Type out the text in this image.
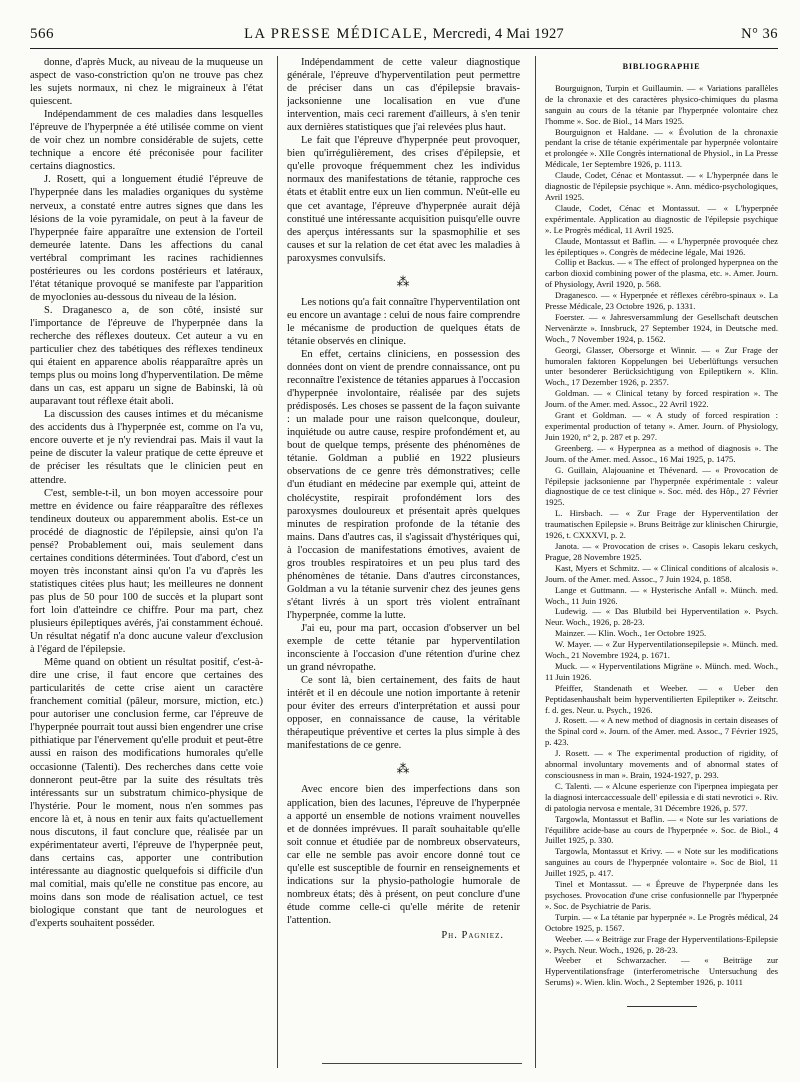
566	LA PRESSE MÉDICALE, Mercredi, 4 Mai 1927	N° 36

donne, d'après Muck, au niveau de la muqueuse un aspect de vaso-constriction qu'on ne trouve pas chez les sujets normaux, ni chez le migraineux à l'état quiescent.

Indépendamment de ces maladies dans lesquelles l'épreuve de l'hyperpnée a été utilisée comme on vient de voir chez un nombre considérable de sujets, cette technique a encore été préconisée pour faciliter certains diagnostics.

J. Rosett, qui a longuement étudié l'épreuve de l'hyperpnée dans les maladies organiques du système nerveux, a constaté entre autres signes que dans les lésions de la voie pyramidale, on peut à la faveur de l'hyperpnée faire apparaître une extension de l'orteil demeurée latente. Dans les affections du canal vertébral comprimant les racines rachidiennes postérieures ou les cordons postérieurs et latéraux, l'état tétanique provoqué se manifeste par l'apparition de myoclonies au-dessous du niveau de la lésion.

S. Draganesco a, de son côté, insisté sur l'importance de l'épreuve de l'hyperpnée dans la recherche des réflexes douteux. Cet auteur a vu en particulier chez des tabétiques des réflexes tendineux qui étaient en apparence abolis réapparaître après un temps plus ou moins long d'hyperventilation. De même dans un cas, est apparu un signe de Babinski, là où auparavant tout réflexe était aboli.

La discussion des causes intimes et du mécanisme des accidents dus à l'hyperpnée est, comme on l'a vu, encore ouverte et je n'y reviendrai pas. Mais il vaut la peine de discuter la valeur pratique de cette épreuve et de préciser les résultats que le clinicien peut en attendre.

C'est, semble-t-il, un bon moyen accessoire pour mettre en évidence ou faire réapparaître des réflexes tendineux douteux ou apparemment abolis. Est-ce un procédé de diagnostic de l'épilepsie, ainsi qu'on l'a pensé? Probablement oui, mais seulement dans certaines conditions déterminées. Tout d'abord, c'est un moyen très inconstant ainsi qu'on l'a vu d'après les statistiques citées plus haut; les meilleures ne donnent pas plus de 50 pour 100 de succès et la plupart sont fort loin d'atteindre ce chiffre. Pour ma part, chez plusieurs épileptiques avérés, j'ai constamment échoué. Un résultat négatif n'a donc aucune valeur d'exclusion à l'égard de l'épilepsie.

Même quand on obtient un résultat positif, c'est-à-dire une crise, il faut encore que certaines des particularités de cette crise aient un caractère franchement comitial (pâleur, morsure, miction, etc.) pour autoriser une conclusion ferme, car l'épreuve de l'hyperpnée pourrait tout aussi bien engendrer une crise pithiatique par l'énervement qu'elle produit et peut-être aussi en raison des modifications humorales qu'elle occasionne (Talenti). Des recherches dans cette voie donneront peut-être par la suite des résultats très intéressants sur un substratum chimico-physique de l'hystérie. Pour le moment, nous n'en sommes pas encore là et, à nous en tenir aux faits qu'actuellement nous discutons, il faut conclure que, réalisée par un expérimentateur averti, l'épreuve de l'hyperpnée peut, dans certains cas, apporter une contribution intéressante au diagnostic quelquefois si difficile d'un mal comitial, mais qu'elle ne constitue pas encore, au moins dans son mode de réalisation actuel, ce test biologique constant que tant de neurologues et d'experts souhaitent posséder.

Indépendamment de cette valeur diagnostique générale, l'épreuve d'hyperventilation peut permettre de préciser dans un cas d'épilepsie bravais-jacksonienne une localisation en vue d'une intervention, mais ceci rarement d'ailleurs, à s'en tenir aux dernières statistiques que j'ai relevées plus haut.

Le fait que l'épreuve d'hyperpnée peut provoquer, bien qu'irrégulièrement, des crises d'épilepsie, et qu'elle provoque fréquemment chez les individus normaux des manifestations de tétanie, rapproche ces états et établit entre eux un lien commun. N'eût-elle eu que cet avantage, l'épreuve d'hyperpnée aurait déjà constitué une intéressante acquisition puisqu'elle ouvre des aperçus intéressants sur la spasmophilie et ses causes et sur la relation de cet état avec les maladies à paroxysmes convulsifs.

⁂

Les notions qu'a fait connaître l'hyperventilation ont eu encore un avantage : celui de nous faire comprendre le mécanisme de production de quelques états de tétanie observés en clinique.

En effet, certains cliniciens, en possession des données dont on vient de prendre connaissance, ont pu reconnaître l'existence de tétanies apparues à l'occasion d'hyperpnée involontaire, réalisée par des sujets prédisposés. Les choses se passent de la façon suivante : un malade pour une raison quelconque, douleur, inquiétude ou autre cause, respire profondément et, au bout de quelque temps, présente des phénomènes de tétanie. Goldman a publié en 1922 plusieurs observations de ce genre très démonstratives; celle d'un étudiant en médecine par exemple qui, atteint de cholécystite, respirait profondément lors des paroxysmes douloureux et présentait après quelques minutes de respiration profonde de la tétanie des mains. Dans d'autres cas, il s'agissait d'hystériques qui, à l'occasion de manifestations émotives, avaient de gros troubles respiratoires et un peu plus tard des phénomènes de tétanie. Dans d'autres circonstances, Goldman a vu la tétanie survenir chez des jeunes gens s'étant livrés à un sport très violent entraînant l'hyperpnée, comme la lutte.

J'ai eu, pour ma part, occasion d'observer un bel exemple de cette tétanie par hyperventilation inconsciente à l'occasion d'une rétention d'urine chez un grand névropathe.

Ce sont là, bien certainement, des faits de haut intérêt et il en découle une notion importante à retenir pour éviter des erreurs d'interprétation et aussi pour opposer, en connaissance de cause, la véritable thérapeutique préventive et certes la plus simple à des manifestations de ce genre.

⁂

Avec encore bien des imperfections dans son application, bien des lacunes, l'épreuve de l'hyperpnée a apporté un ensemble de notions vraiment nouvelles et de données imprévues. Il paraît souhaitable qu'elle soit connue et étudiée par de nombreux observateurs, car elle ne semble pas avoir encore donné tout ce qu'elle est susceptible de fournir en renseignements et indications sur la physio-pathologie humorale de nombreux états; dès à présent, on peut conclure d'une étude comme celle-ci qu'elle mérite de retenir l'attention.

Ph. Pagniez.
BIBLIOGRAPHIE

Bourguignon, Turpin et Guillaumin. — « Variations parallèles de la chronaxie et des caractères physico-chimiques du plasma sanguin au cours de la tétanie par l'hyperpnée volontaire chez l'homme ». Soc. de Biol., 14 Mars 1925.

Bourguignon et Haldane. — « Évolution de la chronaxie pendant la crise de tétanie expérimentale par hyperpnée volontaire et prolongée ». XIIe Congrès international de Physiol., in La Presse Médicale, 1er Septembre 1926, p. 1113.

Claude, Codet, Cénac et Montassut. — « L'hyperpnée dans le diagnostic de l'épilepsie psychique ». Ann. médico-psychologiques, Avril 1925.

Claude, Codet, Cénac et Montassut. — « L'hyperpnée expérimentale. Application au diagnostic de l'épilepsie psychique ». Le Progrès médical, 11 Avril 1925.

Claude, Montassut et Baflin. — « L'hyperpnée provoquée chez les épileptiques ». Congrès de médecine légale, Mai 1926.

Collip et Backus. — « The effect of prolonged hyperpnea on the carbon dioxid combining power of the plasma, etc. ». Amer. Journ. of Physiology, Avril 1920, p. 568.

Draganesco. — « Hyperpnée et réflexes cérébro-spinaux ». La Presse Médicale, 23 Octobre 1926, p. 1331.

Foerster. — « Jahresversammlung der Gesellschaft deutschen Nervenärzte ». Innsbruck, 27 September 1924, in Deutsche med. Woch., 7 November 1924, p. 1562.

Georgi, Glasser, Obersorge et Winnir. — « Zur Frage der humoralen faktoren Koppelungen bei Ueberlüftungs versuchen unter besonderer Berücksichtigung von Epileptikern ». Klin. Woch., 17 Dezember 1926, p. 2357.

Goldman. — « Clinical tetany by forced respiration ». The Journ. of the Amer. med. Assoc., 22 Avril 1922.

Grant et Goldman. — « A study of forced respiration : experimental production of tetany ». Amer. Journ. of Physiology, Juin 1920, n° 2, p. 287 et p. 297.

Greenberg. — « Hyperpnea as a method of diagnosis ». The Journ. of the Amer. med. Assoc., 16 Mai 1925, p. 1475.

G. Guillain, Alajouanine et Thévenard. — « Provocation de l'épilepsie jacksonienne par l'hyperpnée expérimentale : valeur diagnostique de ce test clinique ». Soc. méd. des Hôp., 27 Février 1925.

L. Hirsbach. — « Zur Frage der Hyperventilation der traumatischen Epilepsie ». Bruns Beiträge zur klinischen Chirurgie, 1926, t. CXXXVI, p. 2.

Janota. — « Provocation de crises ». Casopis lekaru ceskych, Prague, 28 Novembre 1925.

Kast, Myers et Schmitz. — « Clinical conditions of alcalosis ». Journ. of the Amer. med. Assoc., 7 Juin 1924, p. 1858.

Lange et Guttmann. — « Hysterische Anfall ». Münch. med. Woch., 11 Juin 1926.

Ludewig. — « Das Blutbild bei Hyperventilation ». Psych. Neur. Woch., 1926, p. 28-23.

Mainzer. — Klin. Woch., 1er Octobre 1925.

W. Mayer. — « Zur Hyperventilationsepilepsie ». Münch. med. Woch., 21 Novembre 1924, p. 1671.

Muck. — « Hyperventilations Migräne ». Münch. med. Woch., 11 Juin 1926.

Pfeiffer, Standenath et Weeber. — « Ueber den Peptidasenhaushalt beim hyperventilierten Epileptiker ». Zeitschr. f. d. ges. Neur. u. Psych., 1926.

J. Rosett. — « A new method of diagnosis in certain diseases of the Spinal cord ». Journ. of the Amer. med. Assoc., 7 Février 1925, p. 423.

J. Rosett. — « The experimental production of rigidity, of abnormal involuntary movements and of abnormal states of consciousness in man ». Brain, 1924-1927, p. 293.

C. Talenti. — « Alcune esperienze con l'iperpnea impiegata per la diagnosi intercaccessuale dell' epilessia e di stati nevrotici ». Riv. di patologia nervosa e mentale, 31 Décembre 1926, p. 577.

Targowla, Montassut et Baflin. — « Note sur les variations de l'équilibre acide-base au cours de l'hyperpnée ». Soc. de Biol., 4 Juillet 1925, p. 330.

Targowla, Montassut et Krivy. — « Note sur les modifications sanguines au cours de l'hyperpnée volontaire ». Soc de Biol, 11 Juillet 1925, p. 417.

Tinel et Montassut. — « Épreuve de l'hyperpnée dans les psychoses. Provocation d'une crise confusionnelle par l'hyperpnée ». Soc. de Psychiatrie de Paris.

Turpin. — « La tétanie par hyperpnée ». Le Progrès médical, 24 Octobre 1925, p. 1567.

Weeber. — « Beiträge zur Frage der Hyperventilations-Epilepsie ». Psych. Neur. Woch., 1926, p. 28-23.

Weeber et Schwarzacher. — « Beiträge zur Hyperventilationsfrage (interferometrische Untersuchung des Serums) ». Wien. klin. Woch., 2 September 1926, p. 1011
